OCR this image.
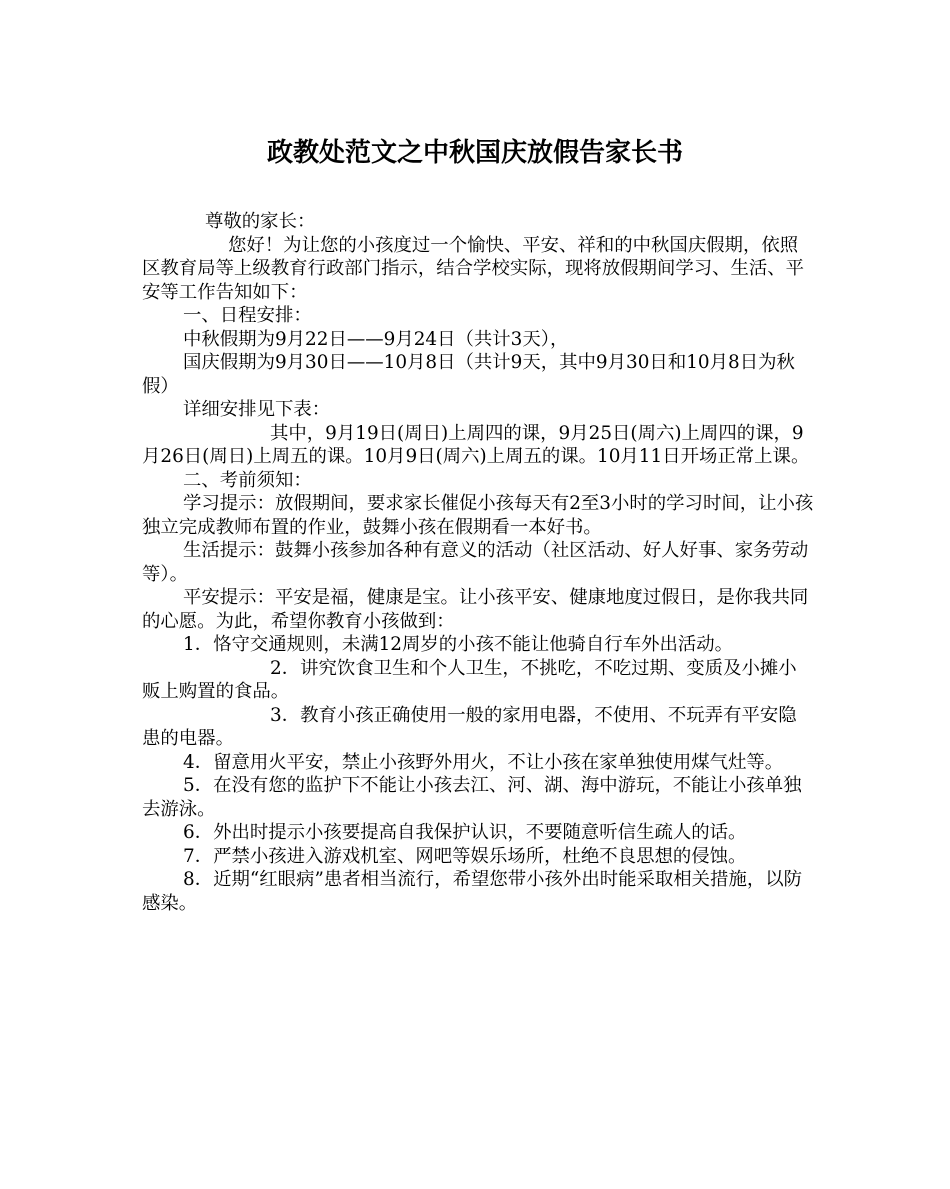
政教处范文之中秋国庆放假告家长书

尊敬的家长：

您好！为让您的小孩度过一个愉快、平安、祥和的中秋国庆假期，依照区教育局等上级教育行政部门指示，结合学校实际，现将放假期间学习、生活、平安等工作告知如下：

一、日程安排：

中秋假期为9月22日——9月24日（共计3天），

国庆假期为9月30日——10月8日（共计9天，其中9月30日和10月8日为秋假）

详细安排见下表：

其中，9月19日(周日)上周四的课，9月25日(周六)上周四的课，9月26日(周日)上周五的课。10月9日(周六)上周五的课。10月11日开场正常上课。

二、考前须知：

学习提示：放假期间，要求家长催促小孩每天有2至3小时的学习时间，让小孩独立完成教师布置的作业，鼓舞小孩在假期看一本好书。

生活提示：鼓舞小孩参加各种有意义的活动（社区活动、好人好事、家务劳动等）。

平安提示：平安是福，健康是宝。让小孩平安、健康地度过假日，是你我共同的心愿。为此，希望你教育小孩做到：

1．恪守交通规则，未满12周岁的小孩不能让他骑自行车外出活动。

2．讲究饮食卫生和个人卫生，不挑吃，不吃过期、变质及小摊小贩上购置的食品。

3．教育小孩正确使用一般的家用电器，不使用、不玩弄有平安隐患的电器。

4．留意用火平安，禁止小孩野外用火，不让小孩在家单独使用煤气灶等。

5．在没有您的监护下不能让小孩去江、河、湖、海中游玩，不能让小孩单独去游泳。

6．外出时提示小孩要提高自我保护认识，不要随意听信生疏人的话。

7．严禁小孩进入游戏机室、网吧等娱乐场所，杜绝不良思想的侵蚀。

8．近期“红眼病”患者相当流行，希望您带小孩外出时能采取相关措施，以防感染。
